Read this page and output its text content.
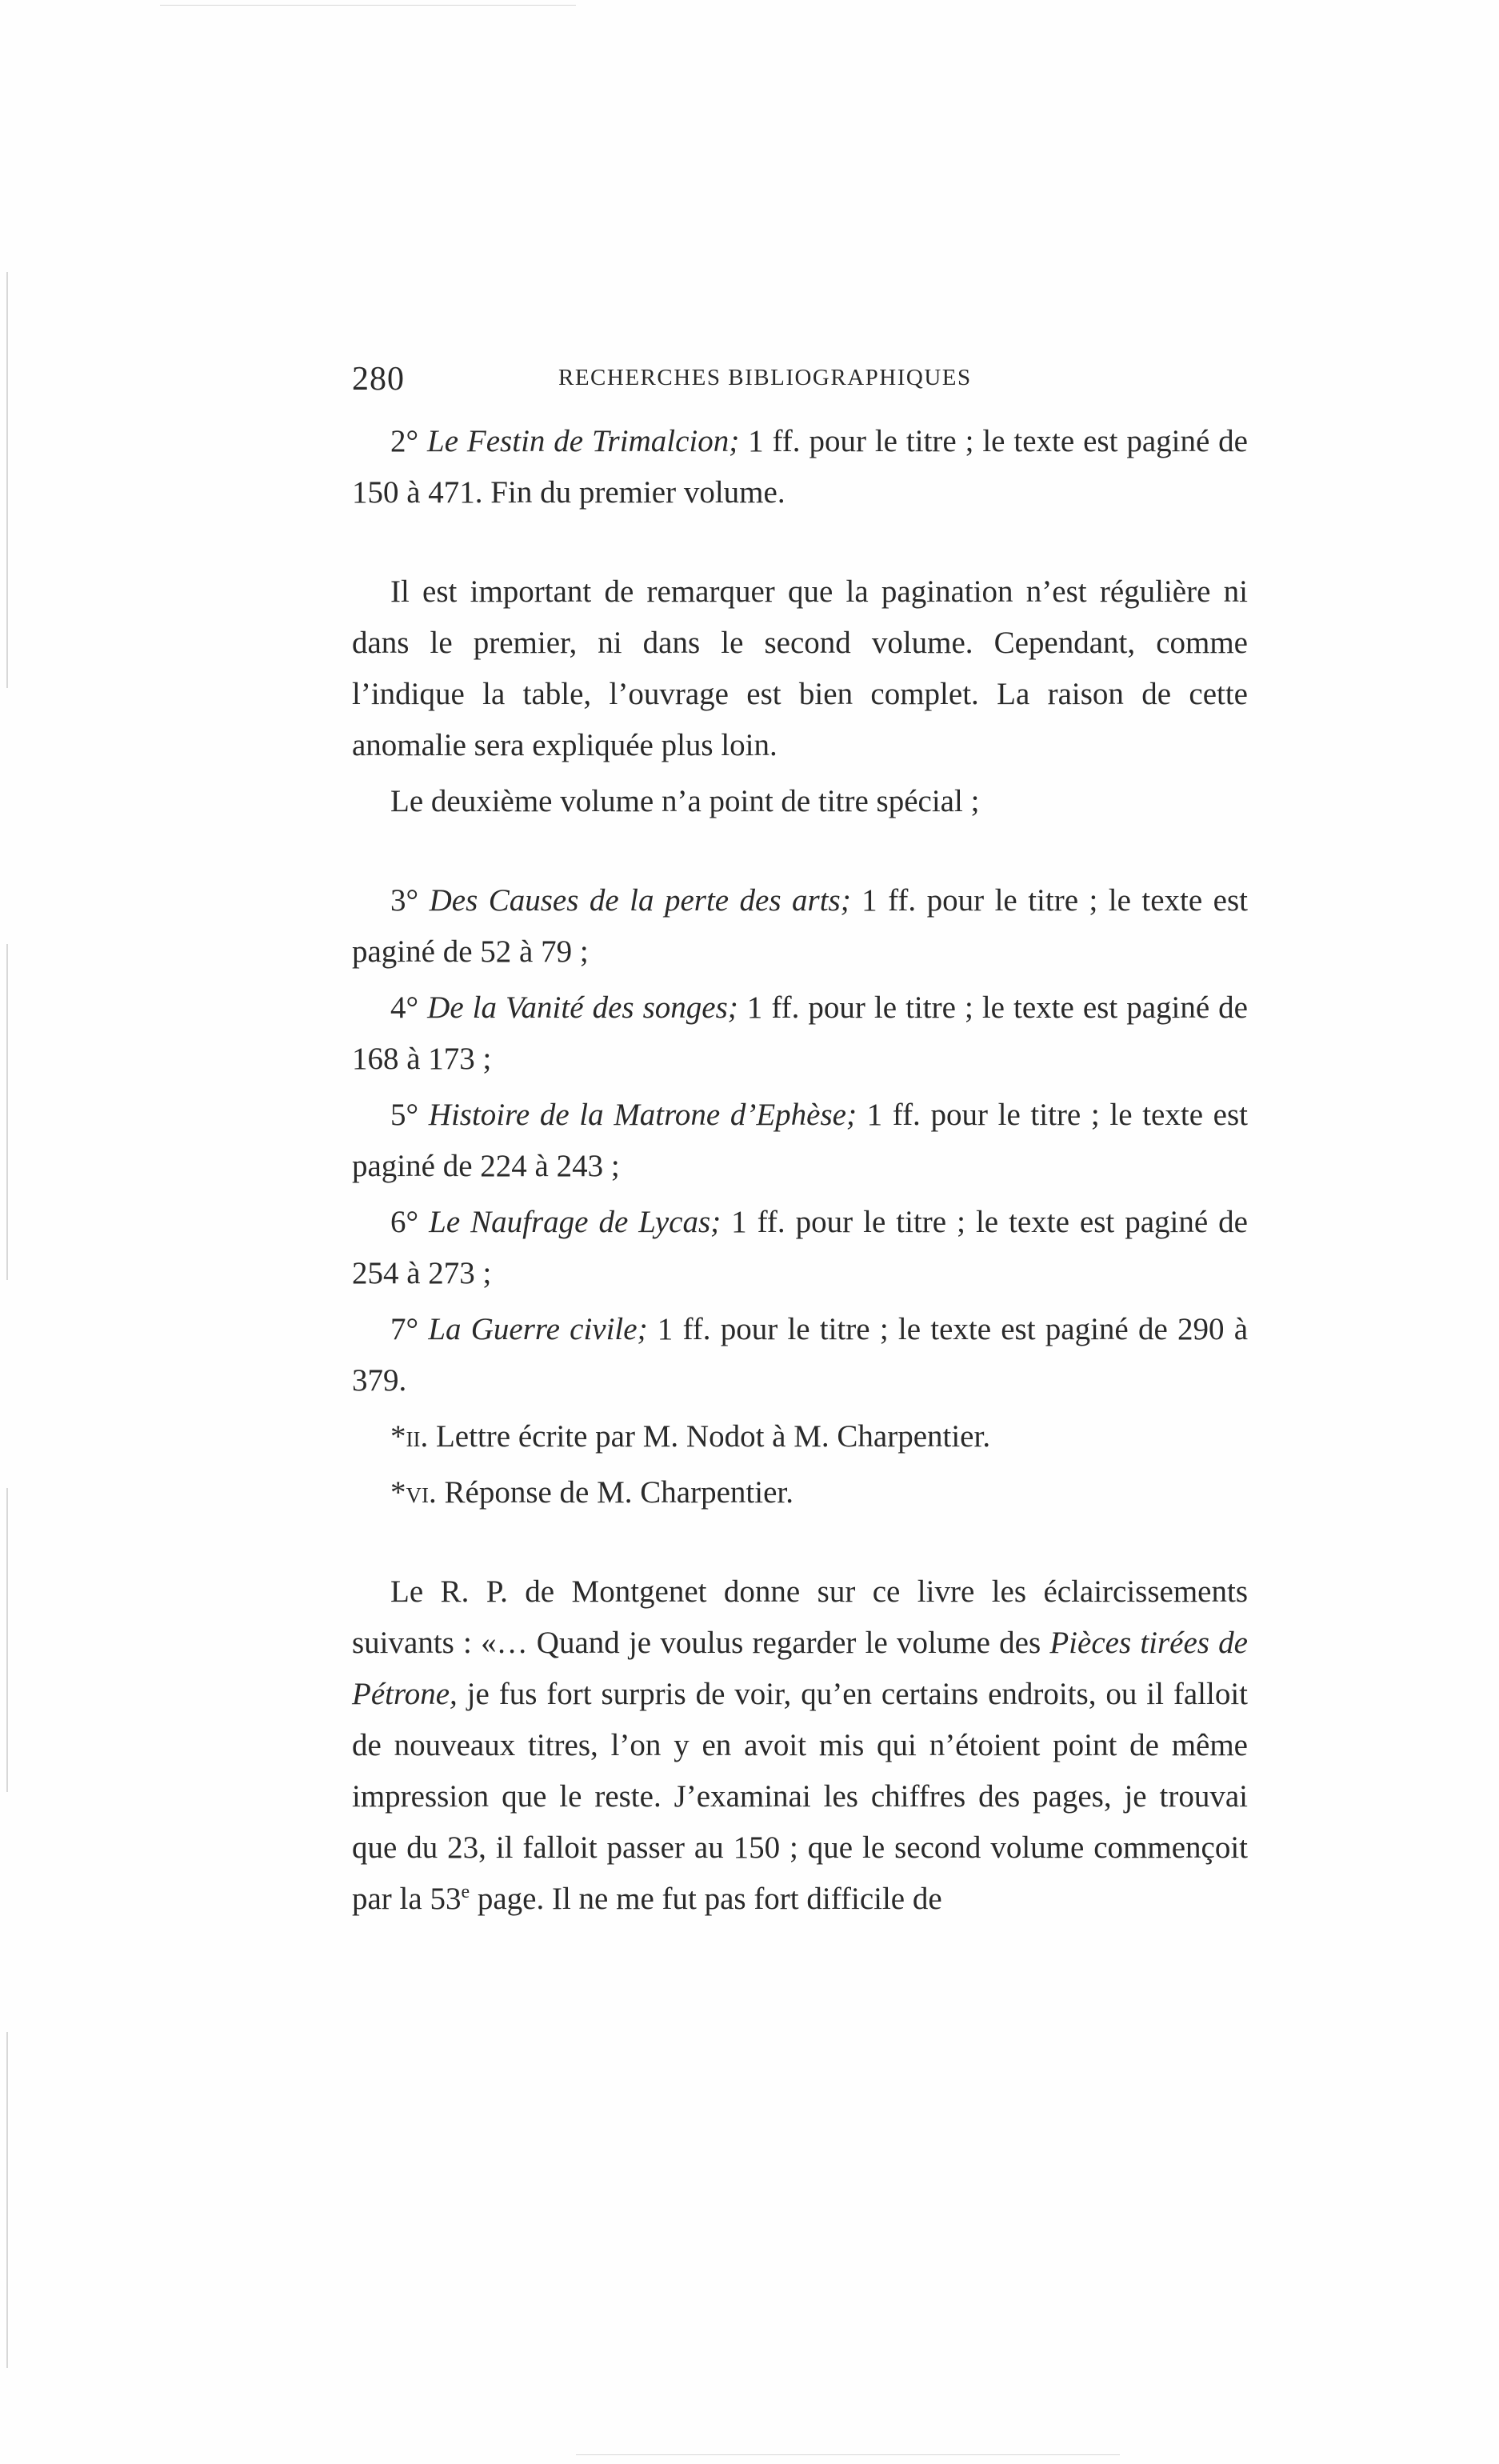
280	RECHERCHES BIBLIOGRAPHIQUES

2° Le Festin de Trimalcion; 1 ff. pour le titre ; le texte est paginé de 150 à 471. Fin du premier volume.

Il est important de remarquer que la pagination n’est régulière ni dans le premier, ni dans le second volume. Cependant, comme l’indique la table, l’ouvrage est bien complet. La raison de cette anomalie sera expliquée plus loin.

Le deuxième volume n’a point de titre spécial ;

3° Des Causes de la perte des arts; 1 ff. pour le titre ; le texte est paginé de 52 à 79 ;

4° De la Vanité des songes; 1 ff. pour le titre ; le texte est paginé de 168 à 173 ;

5° Histoire de la Matrone d’Ephèse; 1 ff. pour le titre ; le texte est paginé de 224 à 243 ;

6° Le Naufrage de Lycas; 1 ff. pour le titre ; le texte est paginé de 254 à 273 ;

7° La Guerre civile; 1 ff. pour le titre ; le texte est paginé de 290 à 379.

*ii. Lettre écrite par M. Nodot à M. Charpentier.

*vi. Réponse de M. Charpentier.

Le R. P. de Montgenet donne sur ce livre les éclaircissements suivants : «… Quand je voulus regarder le volume des Pièces tirées de Pétrone, je fus fort surpris de voir, qu’en certains endroits, ou il falloit de nouveaux titres, l’on y en avoit mis qui n’étoient point de même impression que le reste. J’examinai les chiffres des pages, je trouvai que du 23, il falloit passer au 150 ; que le second volume commençoit par la 53e page. Il ne me fut pas fort difficile de
